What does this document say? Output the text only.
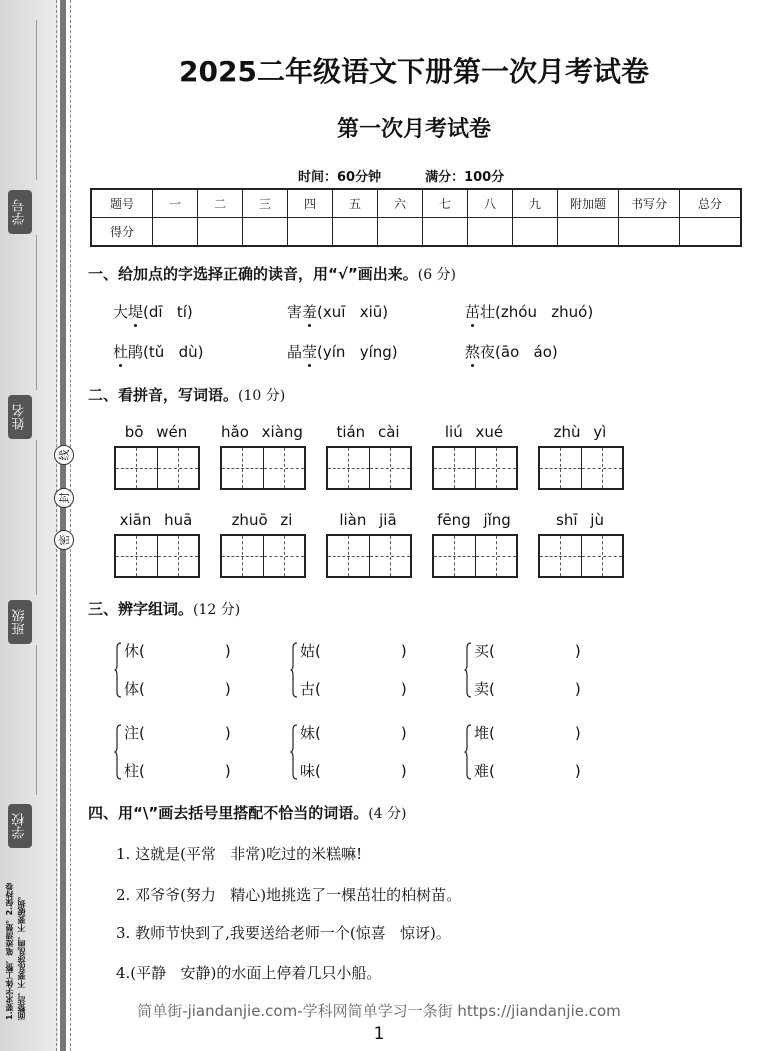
学号
姓名
班级
学校
线
封
密
1.要求字体工整、笔迹清楚。2.保持卷面整洁，不要乱涂乱画，不要破损。
2025二年级语文下册第一次月考试卷
第一次月考试卷
时间：60分钟	满分：100分
题号	一	二	三	四	五	六	七	八	九	附加题	书写分	总分
得分												
一、给加点的字选择正确的读音，用“√”画出来。(6 分)
大堤(dī   tí)	害羞(xuī   xiū)	茁壮(zhóu   zhuó)
杜鹃(tǔ   dù)	晶莹(yín   yíng)	熬夜(āo   áo)
二、看拼音，写词语。(10 分)
bō wén	hǎo xiàng	tián cài	liú xué	zhù yì
xiān huā	zhuō zi	liàn jiā	fēng jǐng	shī jù
三、辨字组词。(12 分)
休(	)
体(	)
姑(	)
古(	)
买(	)
卖(	)
注(	)
柱(	)
妹(	)
味(	)
堆(	)
难(	)
四、用“\”画去括号里搭配不恰当的词语。(4 分)
1. 这就是(平常   非常)吃过的米糕嘛!
2. 邓爷爷(努力   精心)地挑选了一棵茁壮的柏树苗。
3. 教师节快到了,我要送给老师一个(惊喜   惊讶)。
4.(平静   安静)的水面上停着几只小船。
简单街-jiandanjie.com-学科网简单学习一条街 https://jiandanjie.com
1
